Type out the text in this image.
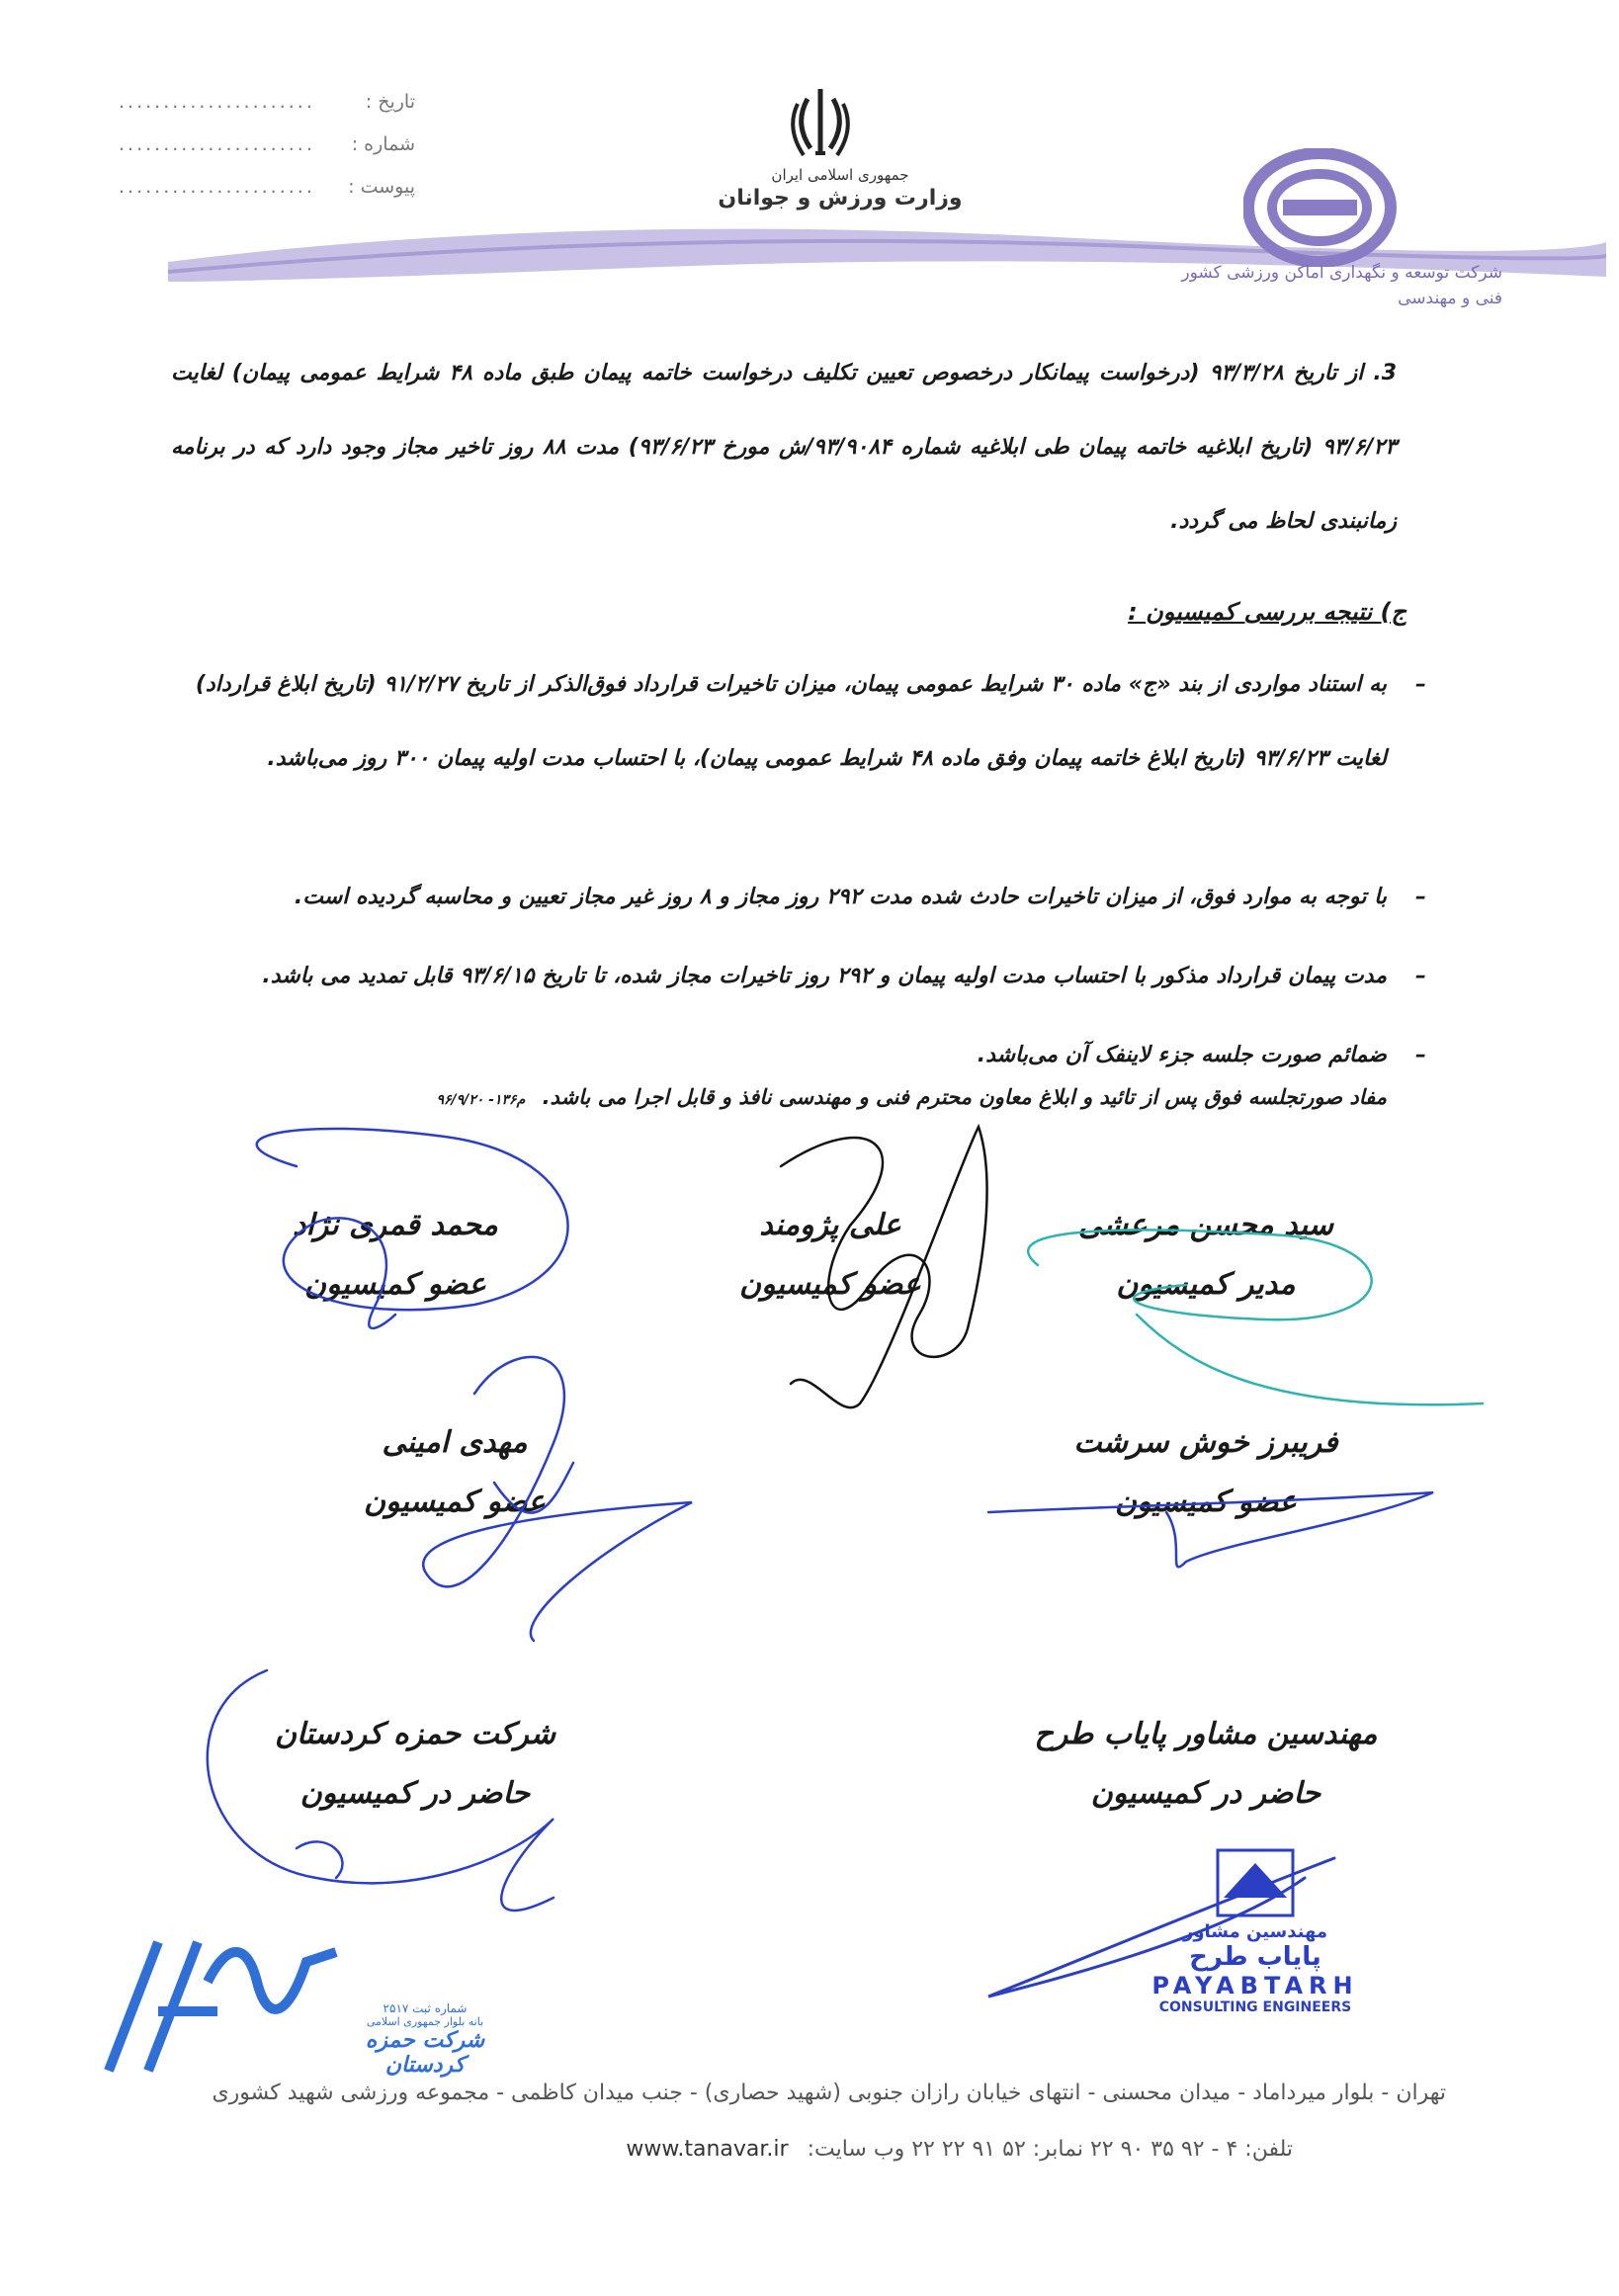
تاریخ :
......................
شماره :
......................
پیوست :
......................
جمهوری اسلامی ایران
وزارت ورزش و جوانان
شرکت توسعه و نگهداری اماکن ورزشی کشور
فنی و مهندسی
3. از تاریخ ۹۳/۳/۲۸ (درخواست پیمانکار درخصوص تعیین تکلیف درخواست خاتمه پیمان طبق ماده ۴۸ شرایط عمومی پیمان) لغایت ۹۳/۶/۲۳ (تاریخ ابلاغیه خاتمه پیمان طی ابلاغیه شماره ۹۳/۹۰۸۴/ش مورخ ۹۳/۶/۲۳) مدت ۸۸ روز تاخیر مجاز وجود دارد که در برنامه زمانبندی لحاظ می گردد.
ج) نتیجه بررسی کمیسیون :
–
به استناد مواردی از بند «ج» ماده ۳۰ شرایط عمومی پیمان، میزان تاخیرات قرارداد فوق‌الذکر از تاریخ ۹۱/۲/۲۷ (تاریخ ابلاغ قرارداد) لغایت ۹۳/۶/۲۳ (تاریخ ابلاغ خاتمه پیمان وفق ماده ۴۸ شرایط عمومی پیمان)، با احتساب مدت اولیه پیمان ۳۰۰ روز می‌باشد.
–
با توجه به موارد فوق، از میزان تاخیرات حادث شده مدت ۲۹۲ روز مجاز و ۸ روز غیر مجاز تعیین و محاسبه گردیده است.
–
مدت پیمان قرارداد مذکور با احتساب مدت اولیه پیمان و ۲۹۲ روز تاخیرات مجاز شده، تا تاریخ ۹۳/۶/۱۵ قابل تمدید می باشد.
–
ضمائم صورت جلسه جزء لاینفک آن می‌باشد.
مفاد صورتجلسه فوق پس از تائید و ابلاغ معاون محترم فنی و مهندسی نافذ و قابل اجرا می باشد. م۱۳۶- ۹۶/۹/۲۰
سید محسن مرعشی
مدیر کمیسیون
علی پژومند
عضو کمیسیون
محمد قمری نژاد
عضو کمیسیون
فریبرز خوش سرشت
عضو کمیسیون
مهدی امینی
عضو کمیسیون
مهندسین مشاور پایاب طرح
حاضر در کمیسیون
شرکت حمزه کردستان
حاضر در کمیسیون
مهندسین مشاور
پایاب طرح
PAYABTARH
CONSULTING ENGINEERS
شماره ثبت ۲۵۱۷
بانه بلوار جمهوری اسلامی
شرکت حمزه کردستان
تهران - بلوار میرداماد - میدان محسنی - انتهای خیابان رازان جنوبی (شهید حصاری) - جنب میدان کاظمی - مجموعه ورزشی شهید کشوری
تلفن: ۴ - ۹۲ ۳۵ ۹۰ ۲۲ نمابر: ۵۲ ۹۱ ۲۲ ۲۲ وب سایت: www.tanavar.ir
